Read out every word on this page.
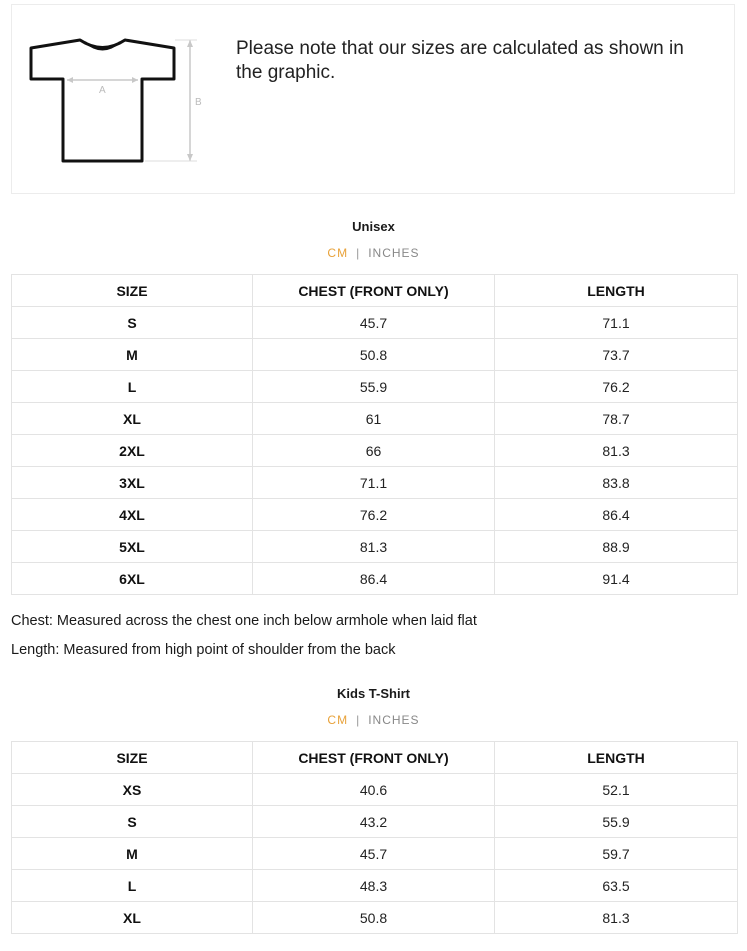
A
B
Please note that our sizes are calculated as shown in the graphic.
Unisex
CM | INCHES
SIZE	CHEST (FRONT ONLY)	LENGTH
S	45.7	71.1
M	50.8	73.7
L	55.9	76.2
XL	61	78.7
2XL	66	81.3
3XL	71.1	83.8
4XL	76.2	86.4
5XL	81.3	88.9
6XL	86.4	91.4
Chest: Measured across the chest one inch below armhole when laid flat
Length: Measured from high point of shoulder from the back
Kids T-Shirt
CM | INCHES
SIZE	CHEST (FRONT ONLY)	LENGTH
XS	40.6	52.1
S	43.2	55.9
M	45.7	59.7
L	48.3	63.5
XL	50.8	81.3
